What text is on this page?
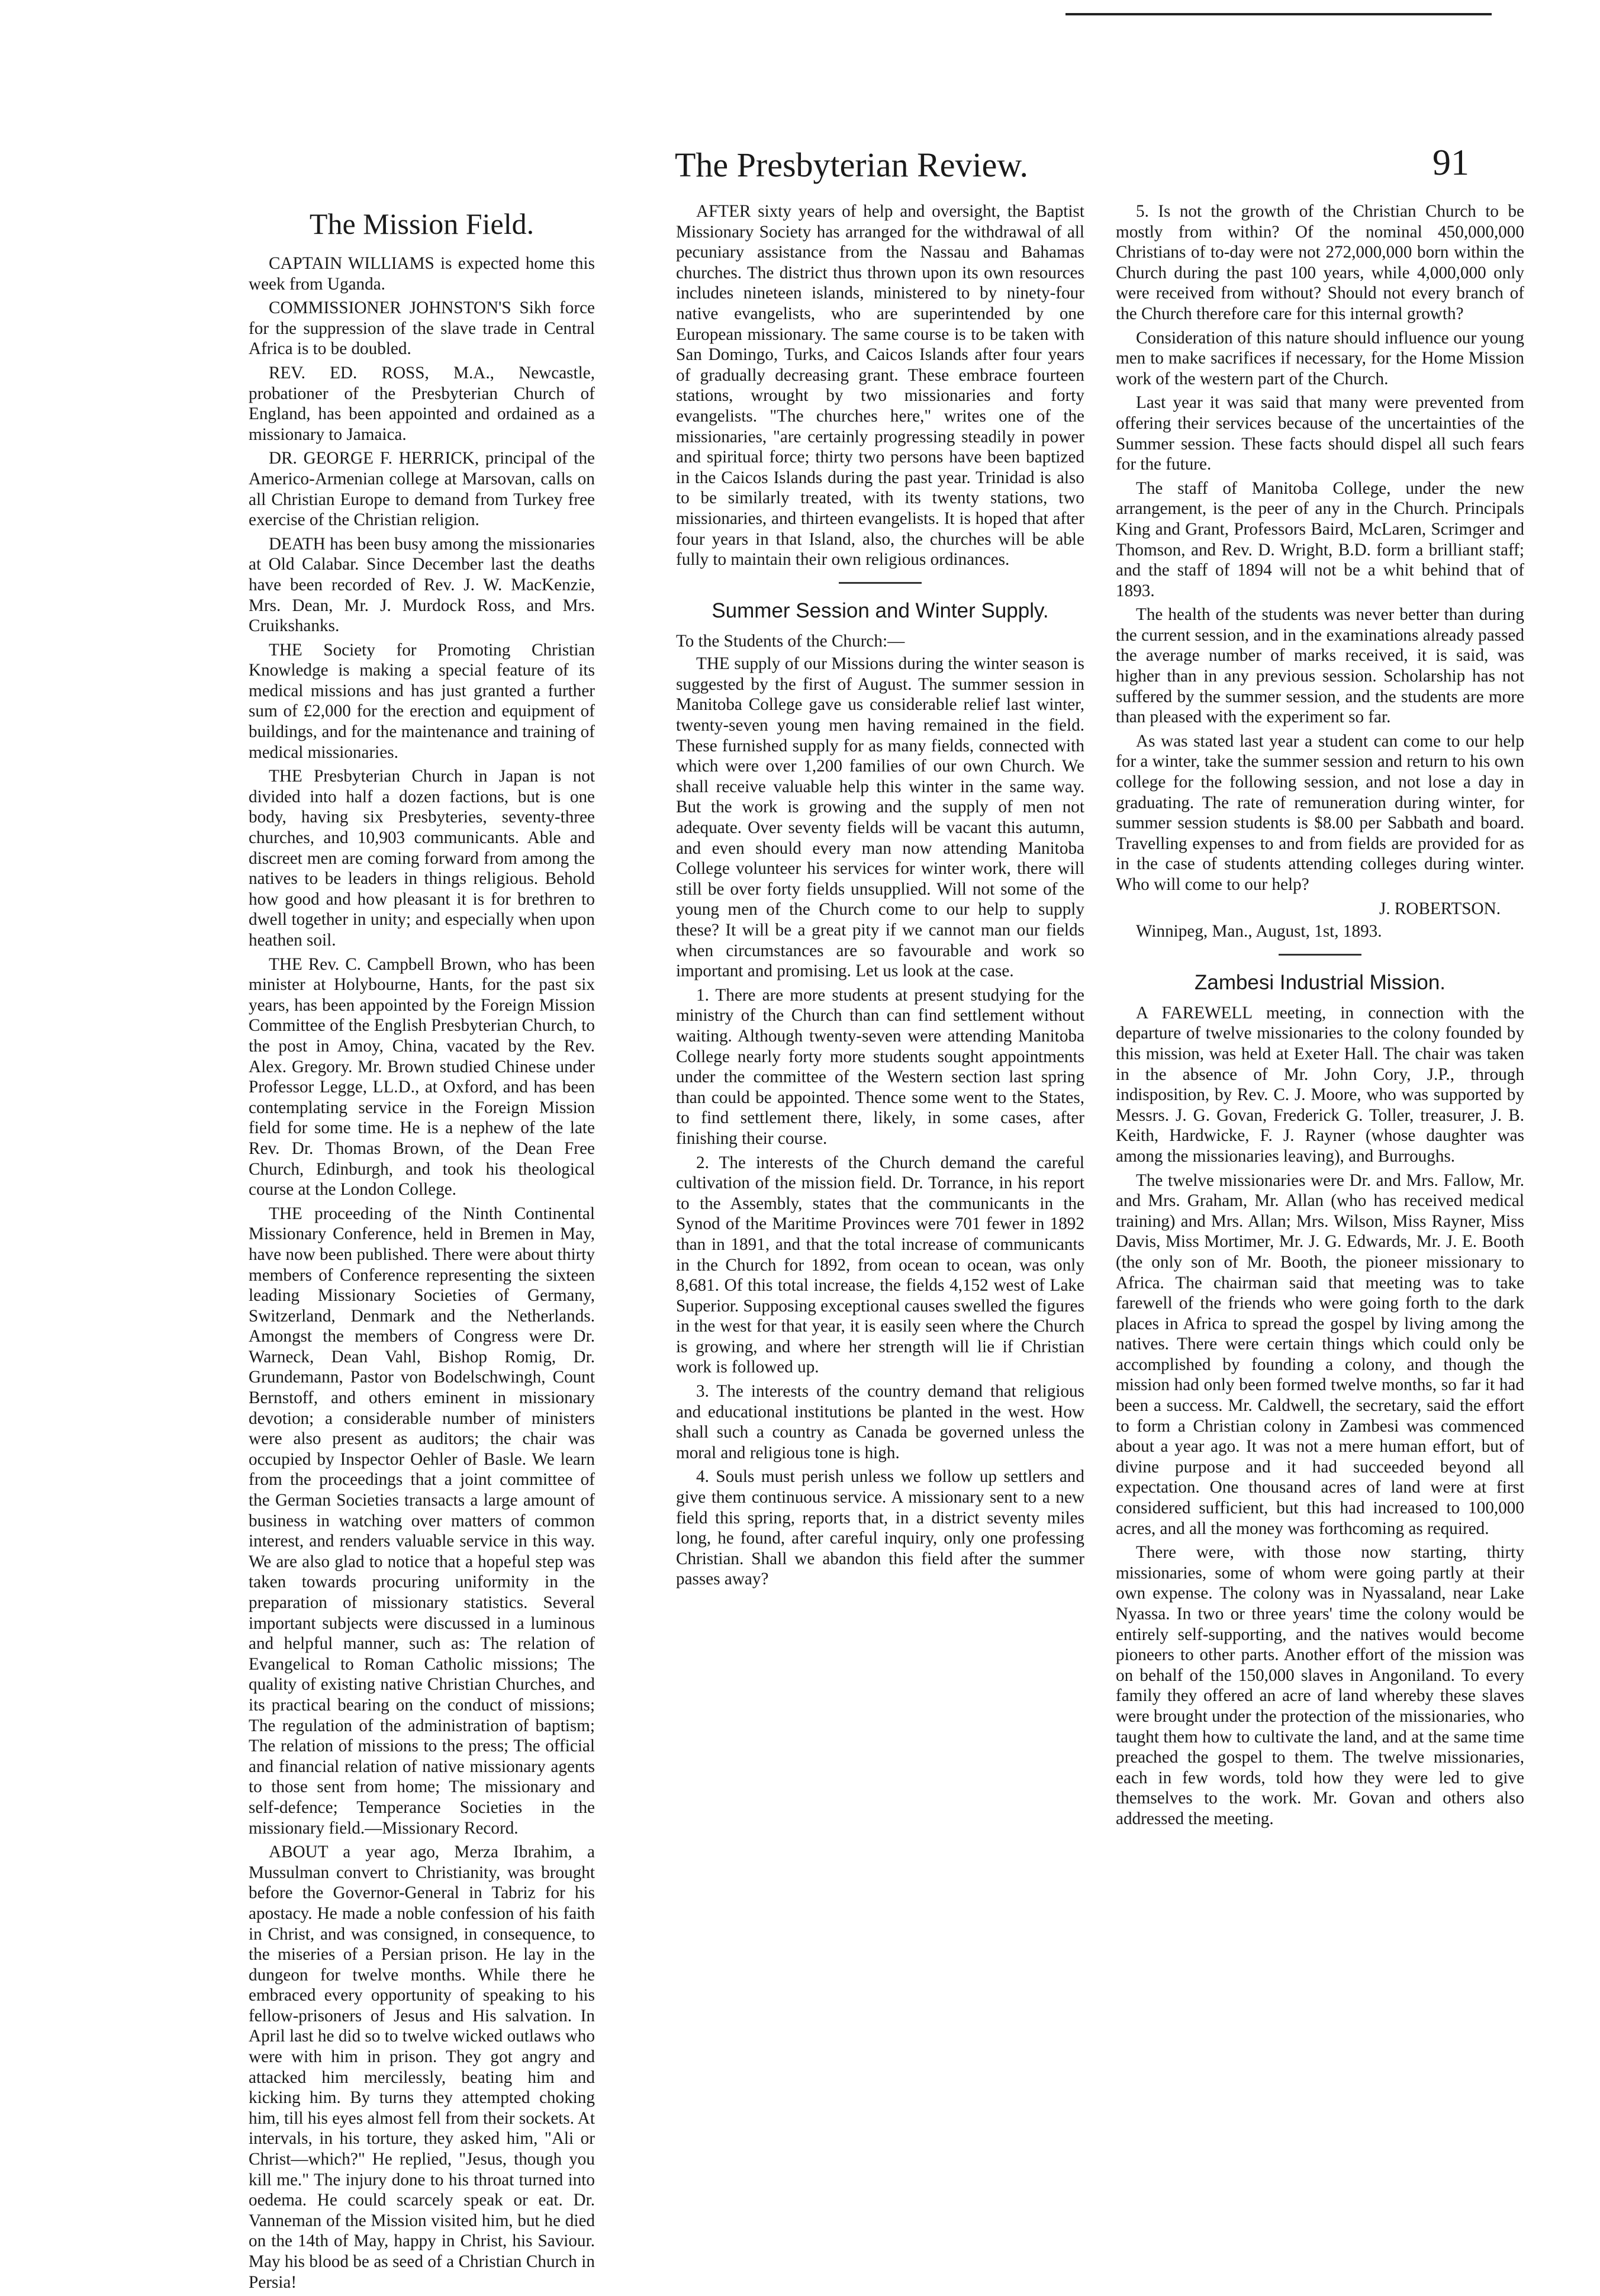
The Presbyterian Review.	91
The Mission Field.

CAPTAIN WILLIAMS is expected home this week from Uganda.

COMMISSIONER JOHNSTON'S Sikh force for the suppression of the slave trade in Central Africa is to be doubled.

REV. ED. ROSS, M.A., Newcastle, probationer of the Presbyterian Church of England, has been appointed and ordained as a missionary to Jamaica.

DR. GEORGE F. HERRICK, principal of the Americo-Armenian college at Marsovan, calls on all Christian Europe to demand from Turkey free exercise of the Christian religion.

DEATH has been busy among the missionaries at Old Calabar. Since December last the deaths have been recorded of Rev. J. W. MacKenzie, Mrs. Dean, Mr. J. Murdock Ross, and Mrs. Cruikshanks.

THE Society for Promoting Christian Knowledge is making a special feature of its medical missions and has just granted a further sum of £2,000 for the erection and equipment of buildings, and for the maintenance and training of medical missionaries.

THE Presbyterian Church in Japan is not divided into half a dozen factions, but is one body, having six Presbyteries, seventy-three churches, and 10,903 communicants. Able and discreet men are coming forward from among the natives to be leaders in things religious. Behold how good and how pleasant it is for brethren to dwell together in unity; and especially when upon heathen soil.

THE Rev. C. Campbell Brown, who has been minister at Holybourne, Hants, for the past six years, has been appointed by the Foreign Mission Committee of the English Presbyterian Church, to the post in Amoy, China, vacated by the Rev. Alex. Gregory. Mr. Brown studied Chinese under Professor Legge, LL.D., at Oxford, and has been contemplating service in the Foreign Mission field for some time. He is a nephew of the late Rev. Dr. Thomas Brown, of the Dean Free Church, Edinburgh, and took his theological course at the London College.

THE proceeding of the Ninth Continental Missionary Conference, held in Bremen in May, have now been published. There were about thirty members of Conference representing the sixteen leading Missionary Societies of Germany, Switzerland, Denmark and the Netherlands. Amongst the members of Congress were Dr. Warneck, Dean Vahl, Bishop Romig, Dr. Grundemann, Pastor von Bodelschwingh, Count Bernstoff, and others eminent in missionary devotion; a considerable number of ministers were also present as auditors; the chair was occupied by Inspector Oehler of Basle. We learn from the proceedings that a joint committee of the German Societies transacts a large amount of business in watching over matters of common interest, and renders valuable service in this way. We are also glad to notice that a hopeful step was taken towards procuring uniformity in the preparation of missionary statistics. Several important subjects were discussed in a luminous and helpful manner, such as: The relation of Evangelical to Roman Catholic missions; The quality of existing native Christian Churches, and its practical bearing on the conduct of missions; The regulation of the administration of baptism; The relation of missions to the press; The official and financial relation of native missionary agents to those sent from home; The missionary and self-defence; Temperance Societies in the missionary field.—Missionary Record.

ABOUT a year ago, Merza Ibrahim, a Mussulman convert to Christianity, was brought before the Governor-General in Tabriz for his apostacy. He made a noble confession of his faith in Christ, and was consigned, in consequence, to the miseries of a Persian prison. He lay in the dungeon for twelve months. While there he embraced every opportunity of speaking to his fellow-prisoners of Jesus and His salvation. In April last he did so to twelve wicked outlaws who were with him in prison. They got angry and attacked him mercilessly, beating him and kicking him. By turns they attempted choking him, till his eyes almost fell from their sockets. At intervals, in his torture, they asked him, "Ali or Christ—which?" He replied, "Jesus, though you kill me." The injury done to his throat turned into oedema. He could scarcely speak or eat. Dr. Vanneman of the Mission visited him, but he died on the 14th of May, happy in Christ, his Saviour. May his blood be as seed of a Christian Church in Persia!

AFTER sixty years of help and oversight, the Baptist Missionary Society has arranged for the withdrawal of all pecuniary assistance from the Nassau and Bahamas churches. The district thus thrown upon its own resources includes nineteen islands, ministered to by ninety-four native evangelists, who are superintended by one European missionary. The same course is to be taken with San Domingo, Turks, and Caicos Islands after four years of gradually decreasing grant. These embrace fourteen stations, wrought by two missionaries and forty evangelists. "The churches here," writes one of the missionaries, "are certainly progressing steadily in power and spiritual force; thirty two persons have been baptized in the Caicos Islands during the past year. Trinidad is also to be similarly treated, with its twenty stations, two missionaries, and thirteen evangelists. It is hoped that after four years in that Island, also, the churches will be able fully to maintain their own religious ordinances.

Summer Session and Winter Supply.

To the Students of the Church:—

THE supply of our Missions during the winter season is suggested by the first of August. The summer session in Manitoba College gave us considerable relief last winter, twenty-seven young men having remained in the field. These furnished supply for as many fields, connected with which were over 1,200 families of our own Church. We shall receive valuable help this winter in the same way. But the work is growing and the supply of men not adequate. Over seventy fields will be vacant this autumn, and even should every man now attending Manitoba College volunteer his services for winter work, there will still be over forty fields unsupplied. Will not some of the young men of the Church come to our help to supply these? It will be a great pity if we cannot man our fields when circumstances are so favourable and work so important and promising. Let us look at the case.

1. There are more students at present studying for the ministry of the Church than can find settlement without waiting. Although twenty-seven were attending Manitoba College nearly forty more students sought appointments under the committee of the Western section last spring than could be appointed. Thence some went to the States, to find settlement there, likely, in some cases, after finishing their course.

2. The interests of the Church demand the careful cultivation of the mission field. Dr. Torrance, in his report to the Assembly, states that the communicants in the Synod of the Maritime Provinces were 701 fewer in 1892 than in 1891, and that the total increase of communicants in the Church for 1892, from ocean to ocean, was only 8,681. Of this total increase, the fields 4,152 west of Lake Superior. Supposing exceptional causes swelled the figures in the west for that year, it is easily seen where the Church is growing, and where her strength will lie if Christian work is followed up.

3. The interests of the country demand that religious and educational institutions be planted in the west. How shall such a country as Canada be governed unless the moral and religious tone is high.

4. Souls must perish unless we follow up settlers and give them continuous service. A missionary sent to a new field this spring, reports that, in a district seventy miles long, he found, after careful inquiry, only one professing Christian. Shall we abandon this field after the summer passes away?

5. Is not the growth of the Christian Church to be mostly from within? Of the nominal 450,000,000 Christians of to-day were not 272,000,000 born within the Church during the past 100 years, while 4,000,000 only were received from without? Should not every branch of the Church therefore care for this internal growth?

Consideration of this nature should influence our young men to make sacrifices if necessary, for the Home Mission work of the western part of the Church.

Last year it was said that many were prevented from offering their services because of the uncertainties of the Summer session. These facts should dispel all such fears for the future.

The staff of Manitoba College, under the new arrangement, is the peer of any in the Church. Principals King and Grant, Professors Baird, McLaren, Scrimger and Thomson, and Rev. D. Wright, B.D. form a brilliant staff; and the staff of 1894 will not be a whit behind that of 1893.

The health of the students was never better than during the current session, and in the examinations already passed the average number of marks received, it is said, was higher than in any previous session. Scholarship has not suffered by the summer session, and the students are more than pleased with the experiment so far.

As was stated last year a student can come to our help for a winter, take the summer session and return to his own college for the following session, and not lose a day in graduating. The rate of remuneration during winter, for summer session students is $8.00 per Sabbath and board. Travelling expenses to and from fields are provided for as in the case of students attending colleges during winter. Who will come to our help?

J. ROBERTSON.

Winnipeg, Man., August, 1st, 1893.

Zambesi Industrial Mission.

A FAREWELL meeting, in connection with the departure of twelve missionaries to the colony founded by this mission, was held at Exeter Hall. The chair was taken in the absence of Mr. John Cory, J.P., through indisposition, by Rev. C. J. Moore, who was supported by Messrs. J. G. Govan, Frederick G. Toller, treasurer, J. B. Keith, Hardwicke, F. J. Rayner (whose daughter was among the missionaries leaving), and Burroughs.

The twelve missionaries were Dr. and Mrs. Fallow, Mr. and Mrs. Graham, Mr. Allan (who has received medical training) and Mrs. Allan; Mrs. Wilson, Miss Rayner, Miss Davis, Miss Mortimer, Mr. J. G. Edwards, Mr. J. E. Booth (the only son of Mr. Booth, the pioneer missionary to Africa. The chairman said that meeting was to take farewell of the friends who were going forth to the dark places in Africa to spread the gospel by living among the natives. There were certain things which could only be accomplished by founding a colony, and though the mission had only been formed twelve months, so far it had been a success. Mr. Caldwell, the secretary, said the effort to form a Christian colony in Zambesi was commenced about a year ago. It was not a mere human effort, but of divine purpose and it had succeeded beyond all expectation. One thousand acres of land were at first considered sufficient, but this had increased to 100,000 acres, and all the money was forthcoming as required.

There were, with those now starting, thirty missionaries, some of whom were going partly at their own expense. The colony was in Nyassaland, near Lake Nyassa. In two or three years' time the colony would be entirely self-supporting, and the natives would become pioneers to other parts. Another effort of the mission was on behalf of the 150,000 slaves in Angoniland. To every family they offered an acre of land whereby these slaves were brought under the protection of the missionaries, who taught them how to cultivate the land, and at the same time preached the gospel to them. The twelve missionaries, each in few words, told how they were led to give themselves to the work. Mr. Govan and others also addressed the meeting.
